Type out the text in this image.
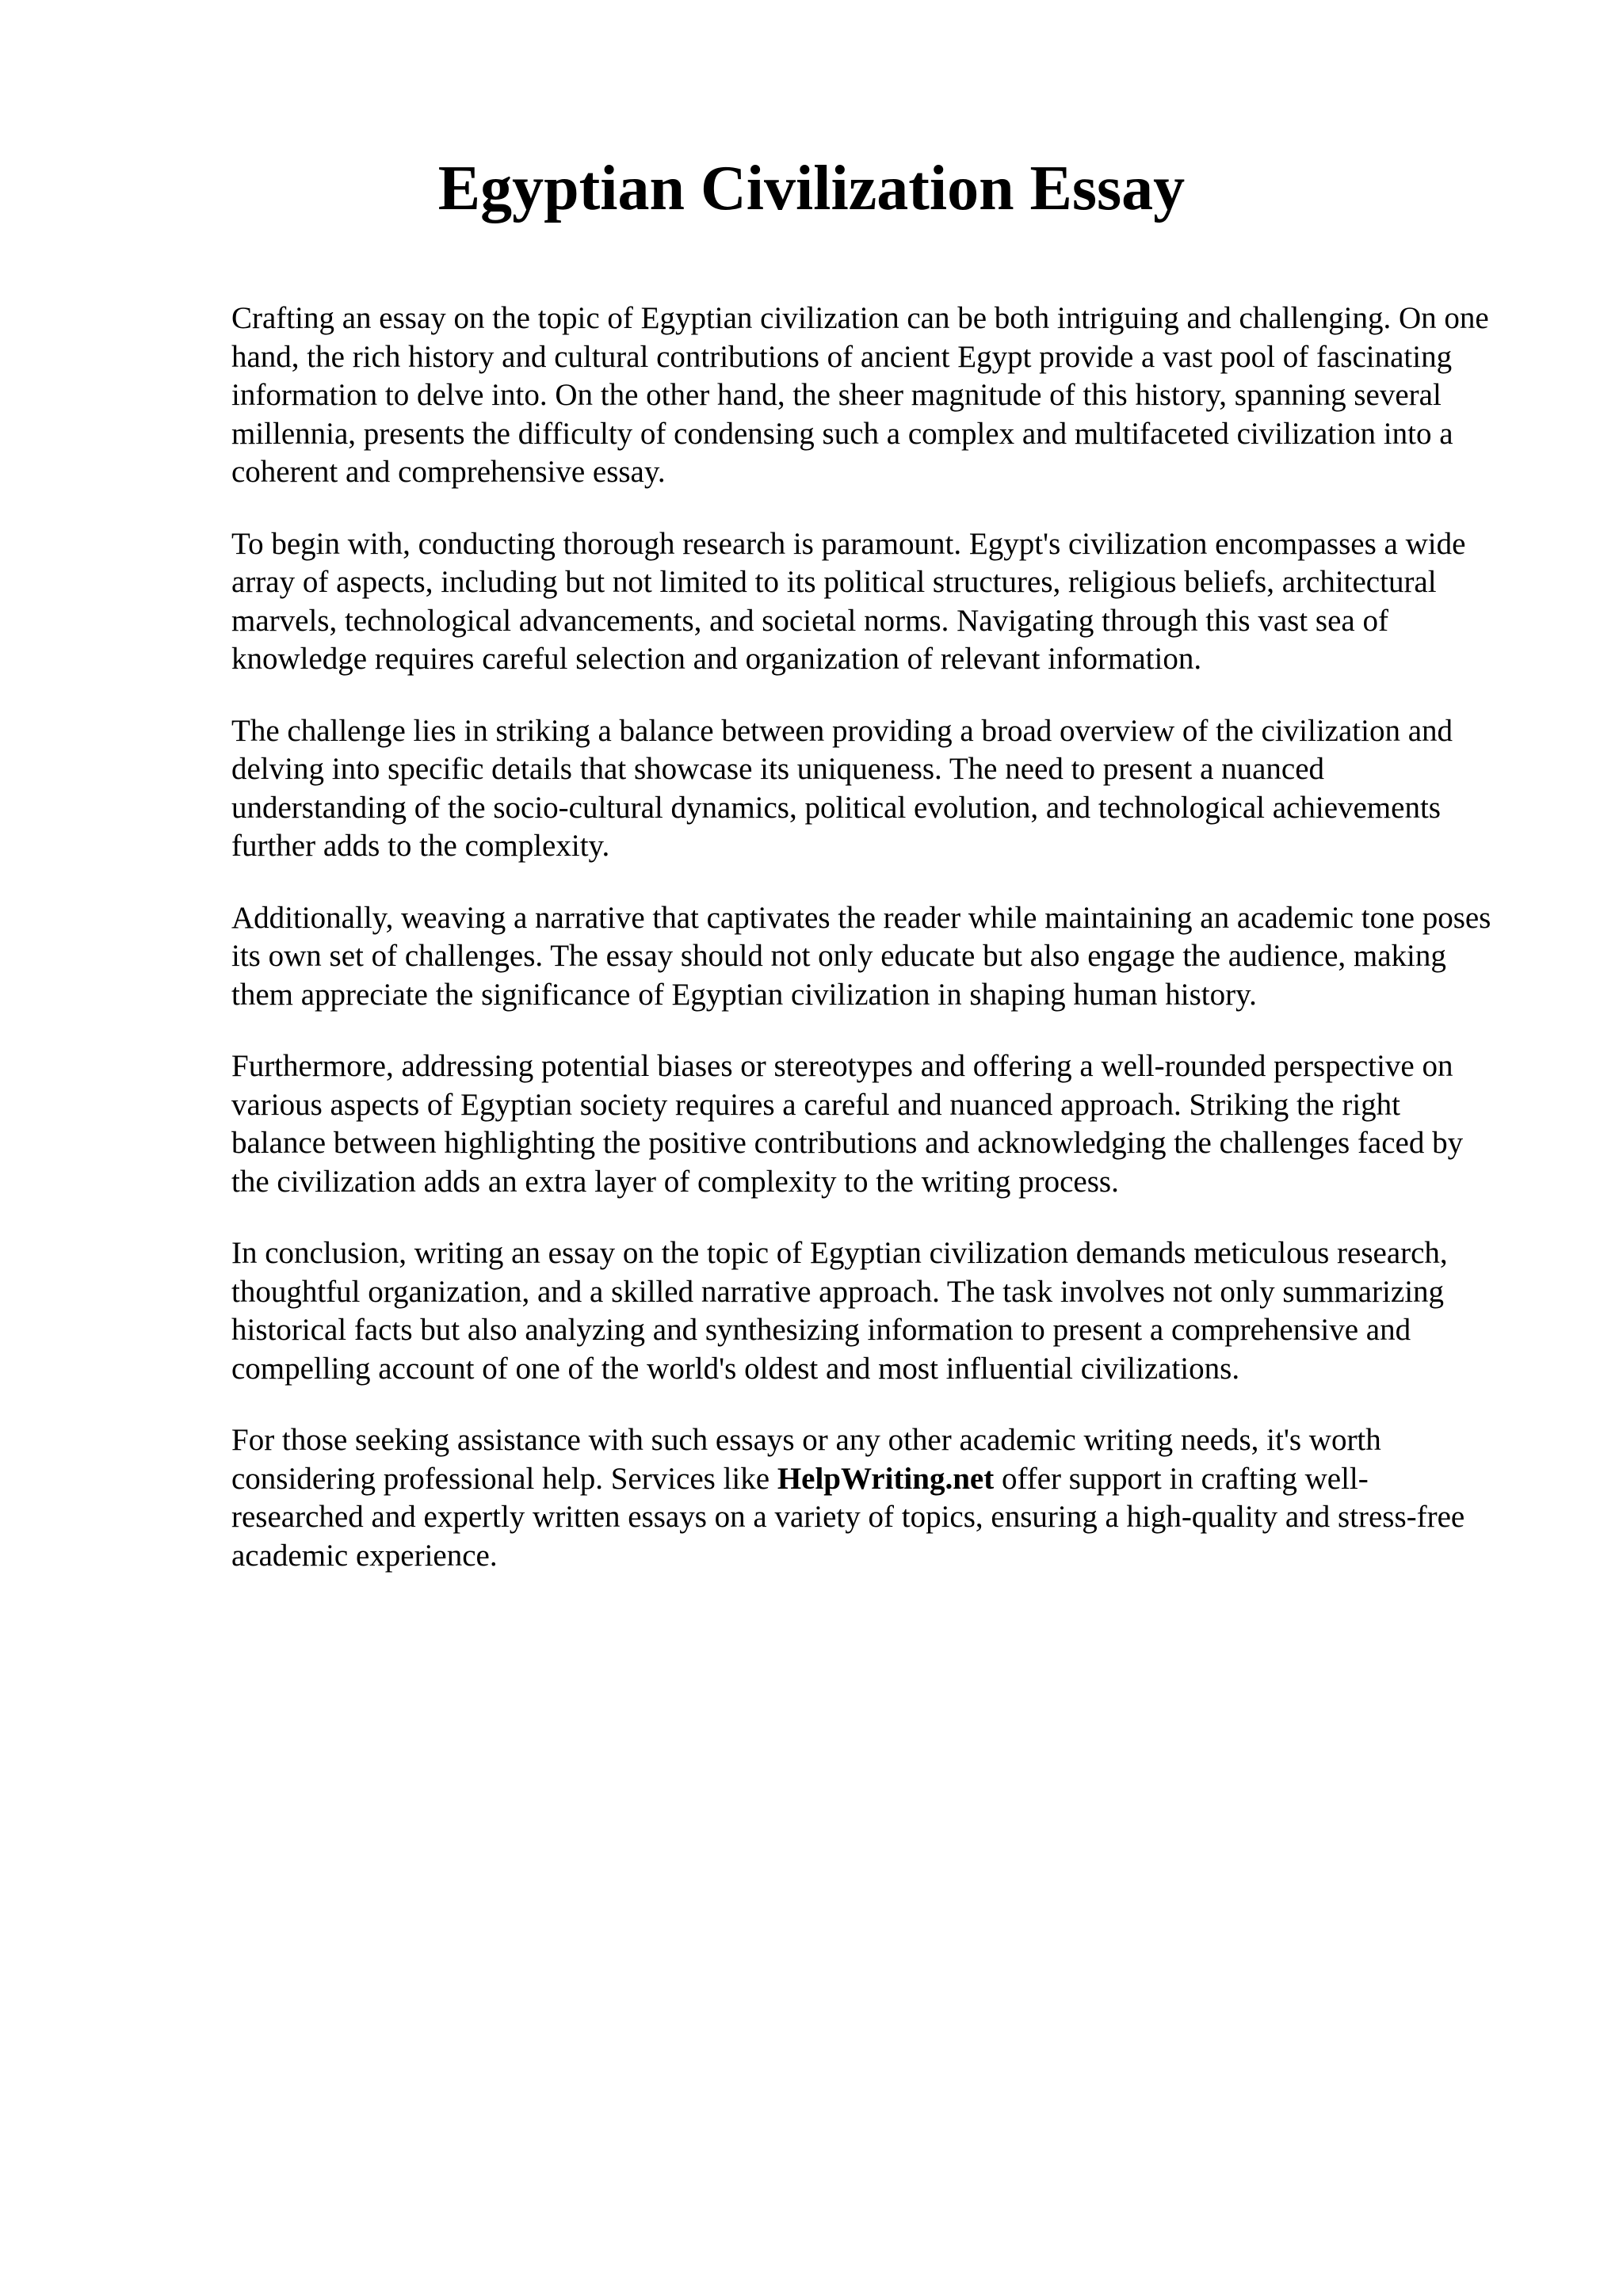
Egyptian Civilization Essay

Crafting an essay on the topic of Egyptian civilization can be both intriguing and challenging. On one hand, the rich history and cultural contributions of ancient Egypt provide a vast pool of fascinating information to delve into. On the other hand, the sheer magnitude of this history, spanning several millennia, presents the difficulty of condensing such a complex and multifaceted civilization into a coherent and comprehensive essay.

To begin with, conducting thorough research is paramount. Egypt's civilization encompasses a wide array of aspects, including but not limited to its political structures, religious beliefs, architectural marvels, technological advancements, and societal norms. Navigating through this vast sea of knowledge requires careful selection and organization of relevant information.

The challenge lies in striking a balance between providing a broad overview of the civilization and delving into specific details that showcase its uniqueness. The need to present a nuanced understanding of the socio-cultural dynamics, political evolution, and technological achievements further adds to the complexity.

Additionally, weaving a narrative that captivates the reader while maintaining an academic tone poses its own set of challenges. The essay should not only educate but also engage the audience, making them appreciate the significance of Egyptian civilization in shaping human history.

Furthermore, addressing potential biases or stereotypes and offering a well-rounded perspective on various aspects of Egyptian society requires a careful and nuanced approach. Striking the right balance between highlighting the positive contributions and acknowledging the challenges faced by the civilization adds an extra layer of complexity to the writing process.

In conclusion, writing an essay on the topic of Egyptian civilization demands meticulous research, thoughtful organization, and a skilled narrative approach. The task involves not only summarizing historical facts but also analyzing and synthesizing information to present a comprehensive and compelling account of one of the world's oldest and most influential civilizations.

For those seeking assistance with such essays or any other academic writing needs, it's worth considering professional help. Services like HelpWriting.net offer support in crafting well-researched and expertly written essays on a variety of topics, ensuring a high-quality and stress-free academic experience.
